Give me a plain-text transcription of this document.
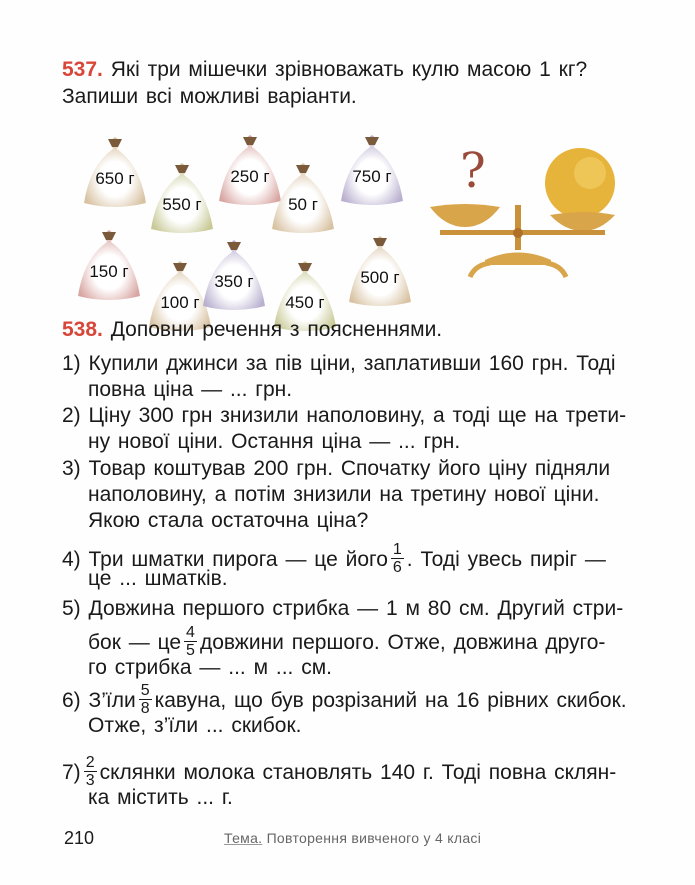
537. Які три мішечки зрівноважать кулю масою 1 кг?
Запиши всі можливі варіанти.
650 г
550 г
250 г
50 г
750 г
150 г
100 г
350 г
450 г
500 г
?
538. Доповни речення з поясненнями.
1) Купили джинси за пів ціни, заплативши 160 грн. Тоді
повна ціна — ... грн.
2) Ціну 300 грн знизили наполовину, а тоді ще на трети-
ну нової ціни. Остання ціна — ... грн.
3) Товар коштував 200 грн. Спочатку його ціну підняли
наполовину, а потім знизили на третину нової ціни.
Якою стала остаточна ціна?
4) Три шматки пирога — це його $\frac{1}{6}$ . Тоді увесь пиріг —
це ... шматків.
5) Довжина першого стрибка — 1 м 80 см. Другий стри-
бок — це $\frac{4}{5}$ довжини першого. Отже, довжина друго-
го стрибка — ... м ... см.
6) З’їли $\frac{5}{8}$ кавуна, що був розрізаний на 16 рівних скибок.
Отже, з’їли ... скибок.
$7) \frac{2}{3}$ склянки молока становлять 140 г. Тоді повна склян-
ка містить ... г.
210	Тема. Повторення вивченого у 4 класі
